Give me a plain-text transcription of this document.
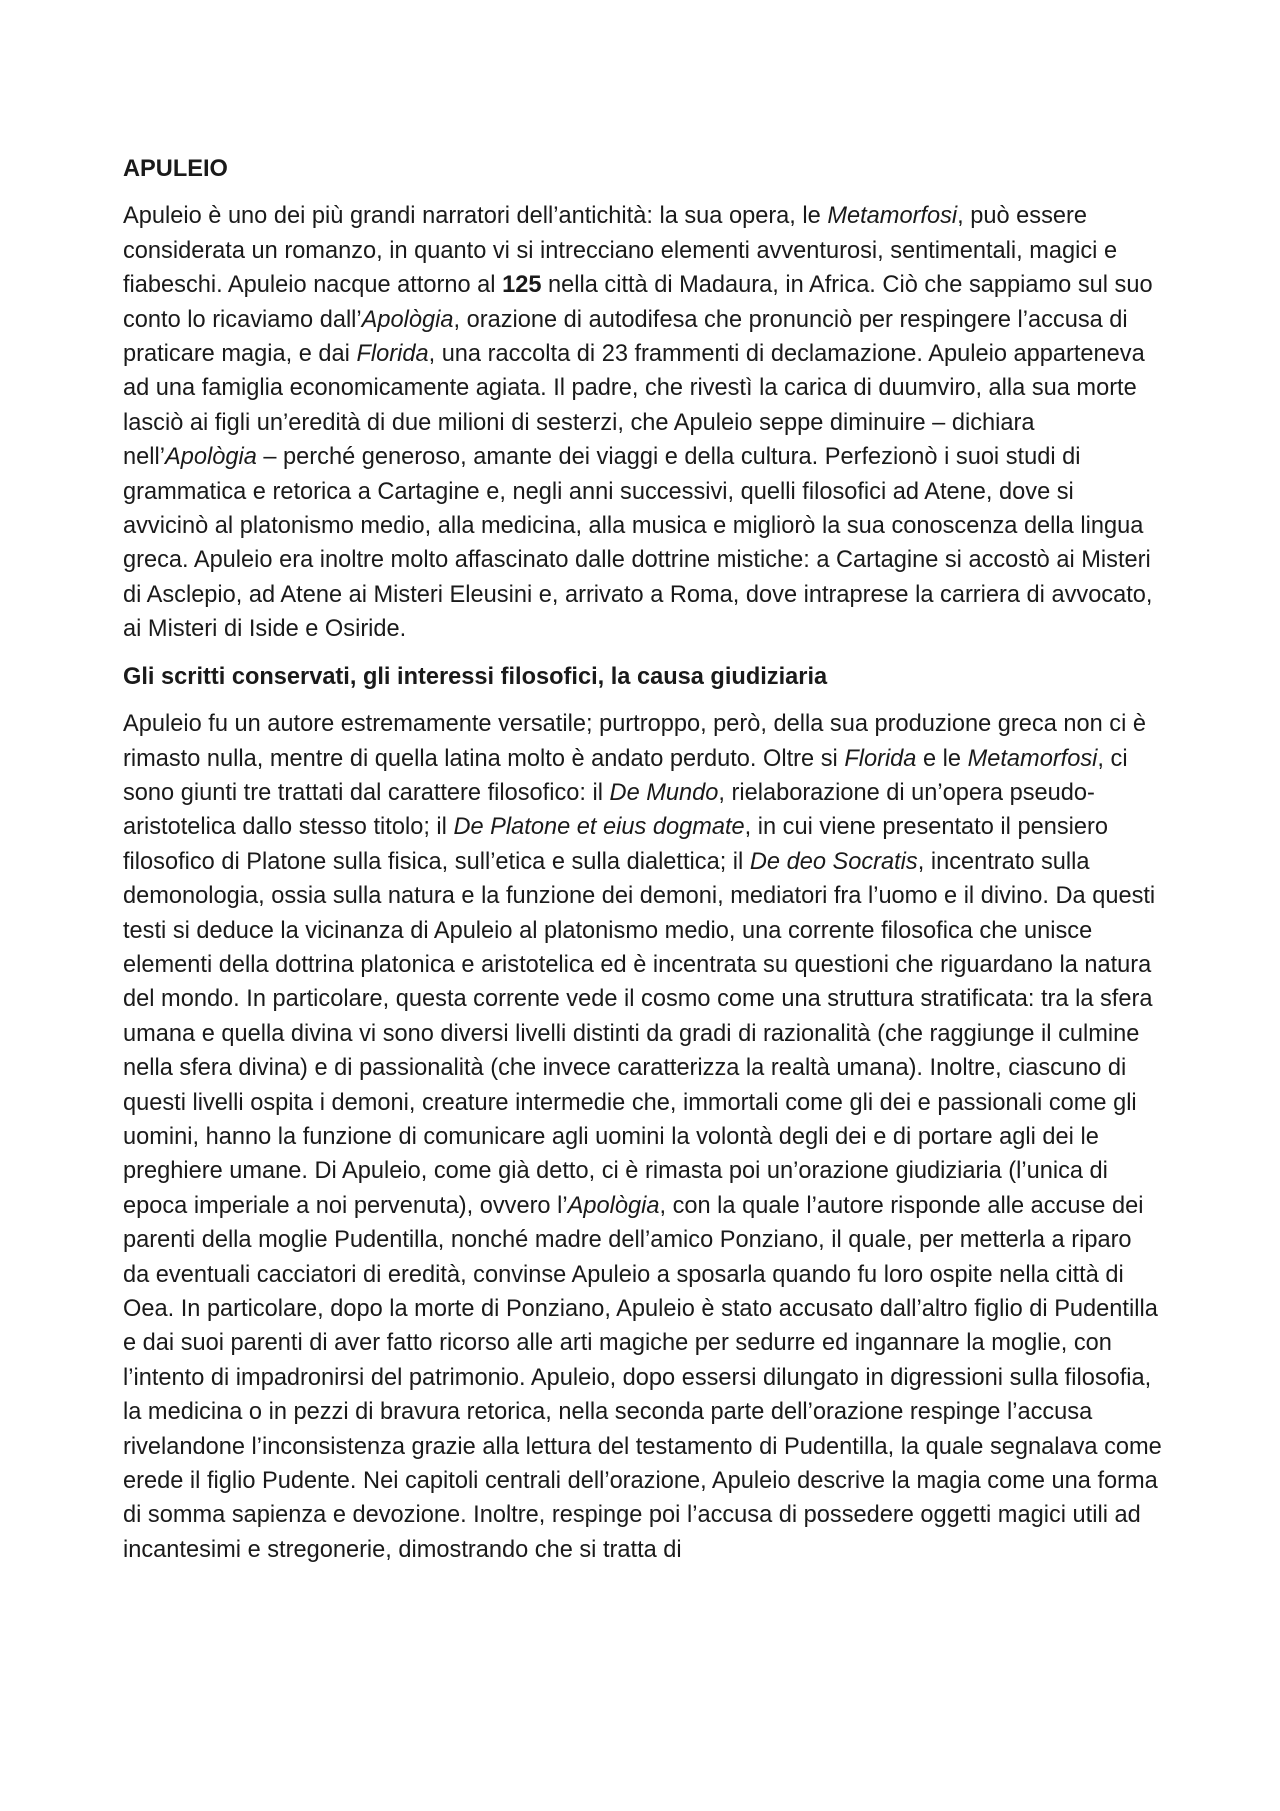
APULEIO

Apuleio è uno dei più grandi narratori dell’antichità: la sua opera, le Metamorfosi, può essere considerata un romanzo, in quanto vi si intrecciano elementi avventurosi, sentimentali, magici e fiabeschi. Apuleio nacque attorno al 125 nella città di Madaura, in Africa. Ciò che sappiamo sul suo conto lo ricaviamo dall’Apològia, orazione di autodifesa che pronunciò per respingere l’accusa di praticare magia, e dai Florida, una raccolta di 23 frammenti di declamazione. Apuleio apparteneva ad una famiglia economicamente agiata. Il padre, che rivestì la carica di duumviro, alla sua morte lasciò ai figli un’eredità di due milioni di sesterzi, che Apuleio seppe diminuire – dichiara nell’Apològia – perché generoso, amante dei viaggi e della cultura. Perfezionò i suoi studi di grammatica e retorica a Cartagine e, negli anni successivi, quelli filosofici ad Atene, dove si avvicinò al platonismo medio, alla medicina, alla musica e migliorò la sua conoscenza della lingua greca. Apuleio era inoltre molto affascinato dalle dottrine mistiche: a Cartagine si accostò ai Misteri di Asclepio, ad Atene ai Misteri Eleusini e, arrivato a Roma, dove intraprese la carriera di avvocato, ai Misteri di Iside e Osiride.

Gli scritti conservati, gli interessi filosofici, la causa giudiziaria

Apuleio fu un autore estremamente versatile; purtroppo, però, della sua produzione greca non ci è rimasto nulla, mentre di quella latina molto è andato perduto. Oltre si Florida e le Metamorfosi, ci sono giunti tre trattati dal carattere filosofico: il De Mundo, rielaborazione di un’opera pseudo-aristotelica dallo stesso titolo; il De Platone et eius dogmate, in cui viene presentato il pensiero filosofico di Platone sulla fisica, sull’etica e sulla dialettica; il De deo Socratis, incentrato sulla demonologia, ossia sulla natura e la funzione dei demoni, mediatori fra l’uomo e il divino. Da questi testi si deduce la vicinanza di Apuleio al platonismo medio, una corrente filosofica che unisce elementi della dottrina platonica e aristotelica ed è incentrata su questioni che riguardano la natura del mondo. In particolare, questa corrente vede il cosmo come una struttura stratificata: tra la sfera umana e quella divina vi sono diversi livelli distinti da gradi di razionalità (che raggiunge il culmine nella sfera divina) e di passionalità (che invece caratterizza la realtà umana). Inoltre, ciascuno di questi livelli ospita i demoni, creature intermedie che, immortali come gli dei e passionali come gli uomini, hanno la funzione di comunicare agli uomini la volontà degli dei e di portare agli dei le preghiere umane. Di Apuleio, come già detto, ci è rimasta poi un’orazione giudiziaria (l’unica di epoca imperiale a noi pervenuta), ovvero l’Apològia, con la quale l’autore risponde alle accuse dei parenti della moglie Pudentilla, nonché madre dell’amico Ponziano, il quale, per metterla a riparo da eventuali cacciatori di eredità, convinse Apuleio a sposarla quando fu loro ospite nella città di Oea. In particolare, dopo la morte di Ponziano, Apuleio è stato accusato dall’altro figlio di Pudentilla e dai suoi parenti di aver fatto ricorso alle arti magiche per sedurre ed ingannare la moglie, con l’intento di impadronirsi del patrimonio. Apuleio, dopo essersi dilungato in digressioni sulla filosofia, la medicina o in pezzi di bravura retorica, nella seconda parte dell’orazione respinge l’accusa rivelandone l’inconsistenza grazie alla lettura del testamento di Pudentilla, la quale segnalava come erede il figlio Pudente. Nei capitoli centrali dell’orazione, Apuleio descrive la magia come una forma di somma sapienza e devozione. Inoltre, respinge poi l’accusa di possedere oggetti magici utili ad incantesimi e stregonerie, dimostrando che si tratta di
